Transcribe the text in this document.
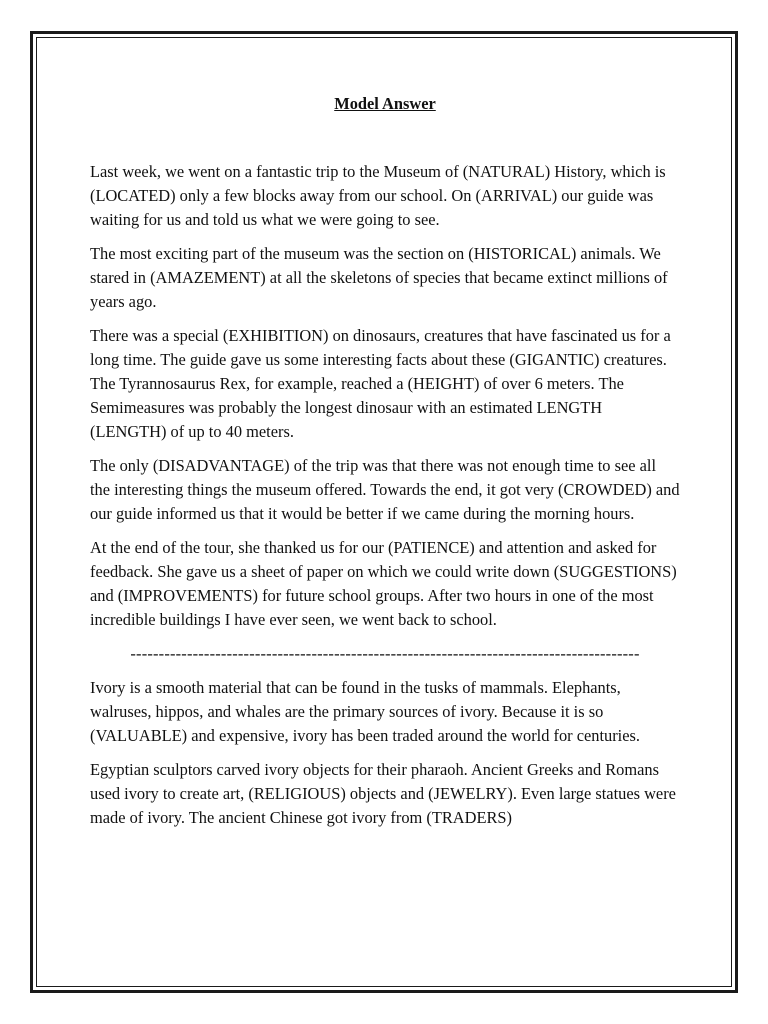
Model Answer

Last week, we went on a fantastic trip to the Museum of (NATURAL) History, which is (LOCATED) only a few blocks away from our school. On (ARRIVAL) our guide was waiting for us and told us what we were going to see.

The most exciting part of the museum was the section on (HISTORICAL) animals. We stared in (AMAZEMENT) at all the skeletons of species that became extinct millions of years ago.

There was a special (EXHIBITION) on dinosaurs, creatures that have fascinated us for a long time. The guide gave us some interesting facts about these (GIGANTIC) creatures. The Tyrannosaurus Rex, for example, reached a (HEIGHT) of over 6 meters. The Semimeasures was probably the longest dinosaur with an estimated LENGTH (LENGTH) of up to 40 meters.

The only (DISADVANTAGE) of the trip was that there was not enough time to see all the interesting things the museum offered. Towards the end, it got very (CROWDED) and our guide informed us that it would be better if we came during the morning hours.

At the end of the tour, she thanked us for our (PATIENCE) and attention and asked for feedback. She gave us a sheet of paper on which we could write down (SUGGESTIONS) and (IMPROVEMENTS) for future school groups. After two hours in one of the most incredible buildings I have ever seen, we went back to school.

------------------------------------------------------------------------------------------

Ivory is a smooth material that can be found in the tusks of mammals. Elephants, walruses, hippos, and whales are the primary sources of ivory. Because it is so (VALUABLE) and expensive, ivory has been traded around the world for centuries.

Egyptian sculptors carved ivory objects for their pharaoh. Ancient Greeks and Romans used ivory to create art, (RELIGIOUS) objects and (JEWELRY). Even large statues were made of ivory. The ancient Chinese got ivory from (TRADERS)
